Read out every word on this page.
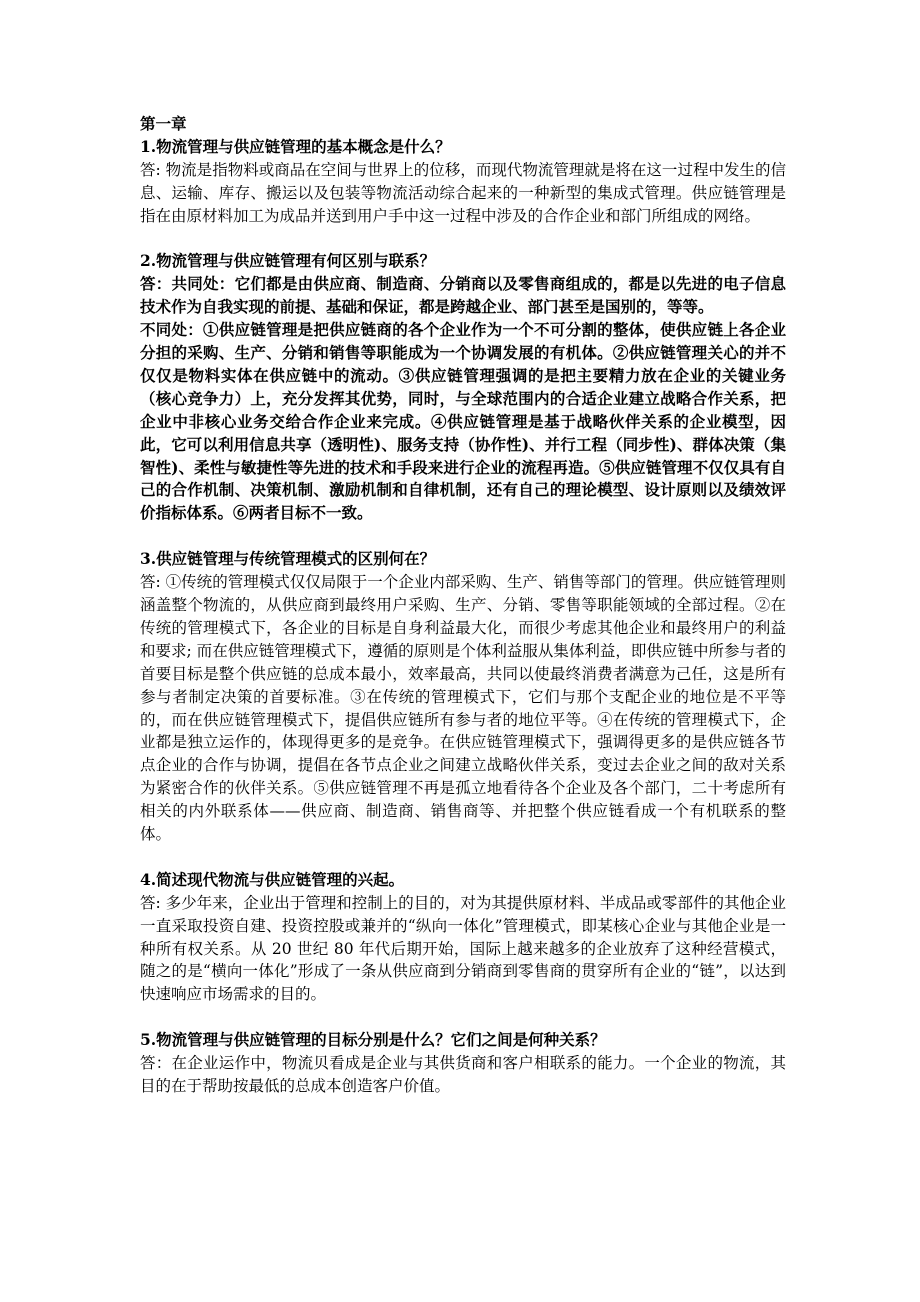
第一章

1.物流管理与供应链管理的基本概念是什么？

答: 物流是指物料或商品在空间与世界上的位移，而现代物流管理就是将在这一过程中发生的信息、运输、库存、搬运以及包装等物流活动综合起来的一种新型的集成式管理。供应链管理是指在由原材料加工为成品并送到用户手中这一过程中涉及的合作企业和部门所组成的网络。

2.物流管理与供应链管理有何区别与联系？

答：共同处：它们都是由供应商、制造商、分销商以及零售商组成的，都是以先进的电子信息技术作为自我实现的前提、基础和保证，都是跨越企业、部门甚至是国别的，等等。

不同处：①供应链管理是把供应链商的各个企业作为一个不可分割的整体，使供应链上各企业分担的采购、生产、分销和销售等职能成为一个协调发展的有机体。②供应链管理关心的并不仅仅是物料实体在供应链中的流动。③供应链管理强调的是把主要精力放在企业的关键业务（核心竞争力）上，充分发挥其优势，同时，与全球范围内的合适企业建立战略合作关系，把企业中非核心业务交给合作企业来完成。④供应链管理是基于战略伙伴关系的企业模型，因此，它可以利用信息共享（透明性)、服务支持（协作性)、并行工程（同步性)、群体决策（集智性)、柔性与敏捷性等先进的技术和手段来进行企业的流程再造。⑤供应链管理不仅仅具有自己的合作机制、决策机制、激励机制和自律机制，还有自己的理论模型、设计原则以及绩效评价指标体系。⑥两者目标不一致。

3.供应链管理与传统管理模式的区别何在？

答: ①传统的管理模式仅仅局限于一个企业内部采购、生产、销售等部门的管理。供应链管理则涵盖整个物流的，从供应商到最终用户采购、生产、分销、零售等职能领域的全部过程。②在传统的管理模式下，各企业的目标是自身利益最大化，而很少考虑其他企业和最终用户的利益和要求; 而在供应链管理模式下，遵循的原则是个体利益服从集体利益，即供应链中所参与者的首要目标是整个供应链的总成本最小，效率最高，共同以使最终消费者满意为己任，这是所有参与者制定决策的首要标准。③在传统的管理模式下，它们与那个支配企业的地位是不平等的，而在供应链管理模式下，提倡供应链所有参与者的地位平等。④在传统的管理模式下，企业都是独立运作的，体现得更多的是竞争。在供应链管理模式下，强调得更多的是供应链各节点企业的合作与协调，提倡在各节点企业之间建立战略伙伴关系，变过去企业之间的敌对关系为紧密合作的伙伴关系。⑤供应链管理不再是孤立地看待各个企业及各个部门，二十考虑所有相关的内外联系体——供应商、制造商、销售商等、并把整个供应链看成一个有机联系的整体。

4.简述现代物流与供应链管理的兴起。

答: 多少年来，企业出于管理和控制上的目的，对为其提供原材料、半成品或零部件的其他企业一直采取投资自建、投资控股或兼并的“纵向一体化”管理模式，即某核心企业与其他企业是一种所有权关系。从 20 世纪 80 年代后期开始，国际上越来越多的企业放弃了这种经营模式，随之的是“横向一体化”形成了一条从供应商到分销商到零售商的贯穿所有企业的“链”，以达到快速响应市场需求的目的。

5.物流管理与供应链管理的目标分别是什么？它们之间是何种关系？

答：在企业运作中，物流贝看成是企业与其供货商和客户相联系的能力。一个企业的物流，其目的在于帮助按最低的总成本创造客户价值。
